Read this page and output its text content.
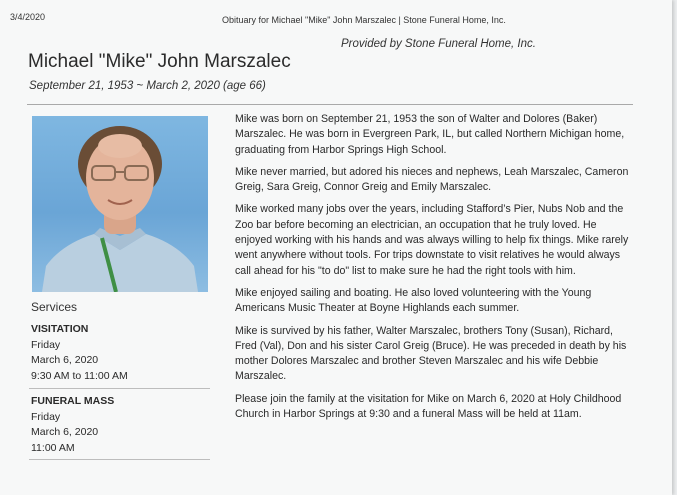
3/4/2020	Obituary for Michael "Mike" John Marszalec | Stone Funeral Home, Inc.
Provided by Stone Funeral Home, Inc.
Michael "Mike" John Marszalec
September 21, 1953 ~ March 2, 2020 (age 66)
Services
VISITATION
Friday
March 6, 2020
9:30 AM to 11:00 AM
FUNERAL MASS
Friday
March 6, 2020
11:00 AM

Mike was born on September 21, 1953 the son of Walter and Dolores (Baker) Marszalec. He was born in Evergreen Park, IL, but called Northern Michigan home, graduating from Harbor Springs High School.

Mike never married, but adored his nieces and nephews, Leah Marszalec, Cameron Greig, Sara Greig, Connor Greig and Emily Marszalec.

Mike worked many jobs over the years, including Stafford’s Pier, Nubs Nob and the Zoo bar before becoming an electrician, an occupation that he truly loved. He enjoyed working with his hands and was always willing to help fix things. Mike rarely went anywhere without tools. For trips downstate to visit relatives he would always call ahead for his "to do" list to make sure he had the right tools with him.

Mike enjoyed sailing and boating. He also loved volunteering with the Young Americans Music Theater at Boyne Highlands each summer.

Mike is survived by his father, Walter Marszalec, brothers Tony (Susan), Richard, Fred (Val), Don and his sister Carol Greig (Bruce). He was preceded in death by his mother Dolores Marszalec and brother Steven Marszalec and his wife Debbie Marszalec.

Please join the family at the visitation for Mike on March 6, 2020 at Holy Childhood Church in Harbor Springs at 9:30 and a funeral Mass will be held at 11am.
